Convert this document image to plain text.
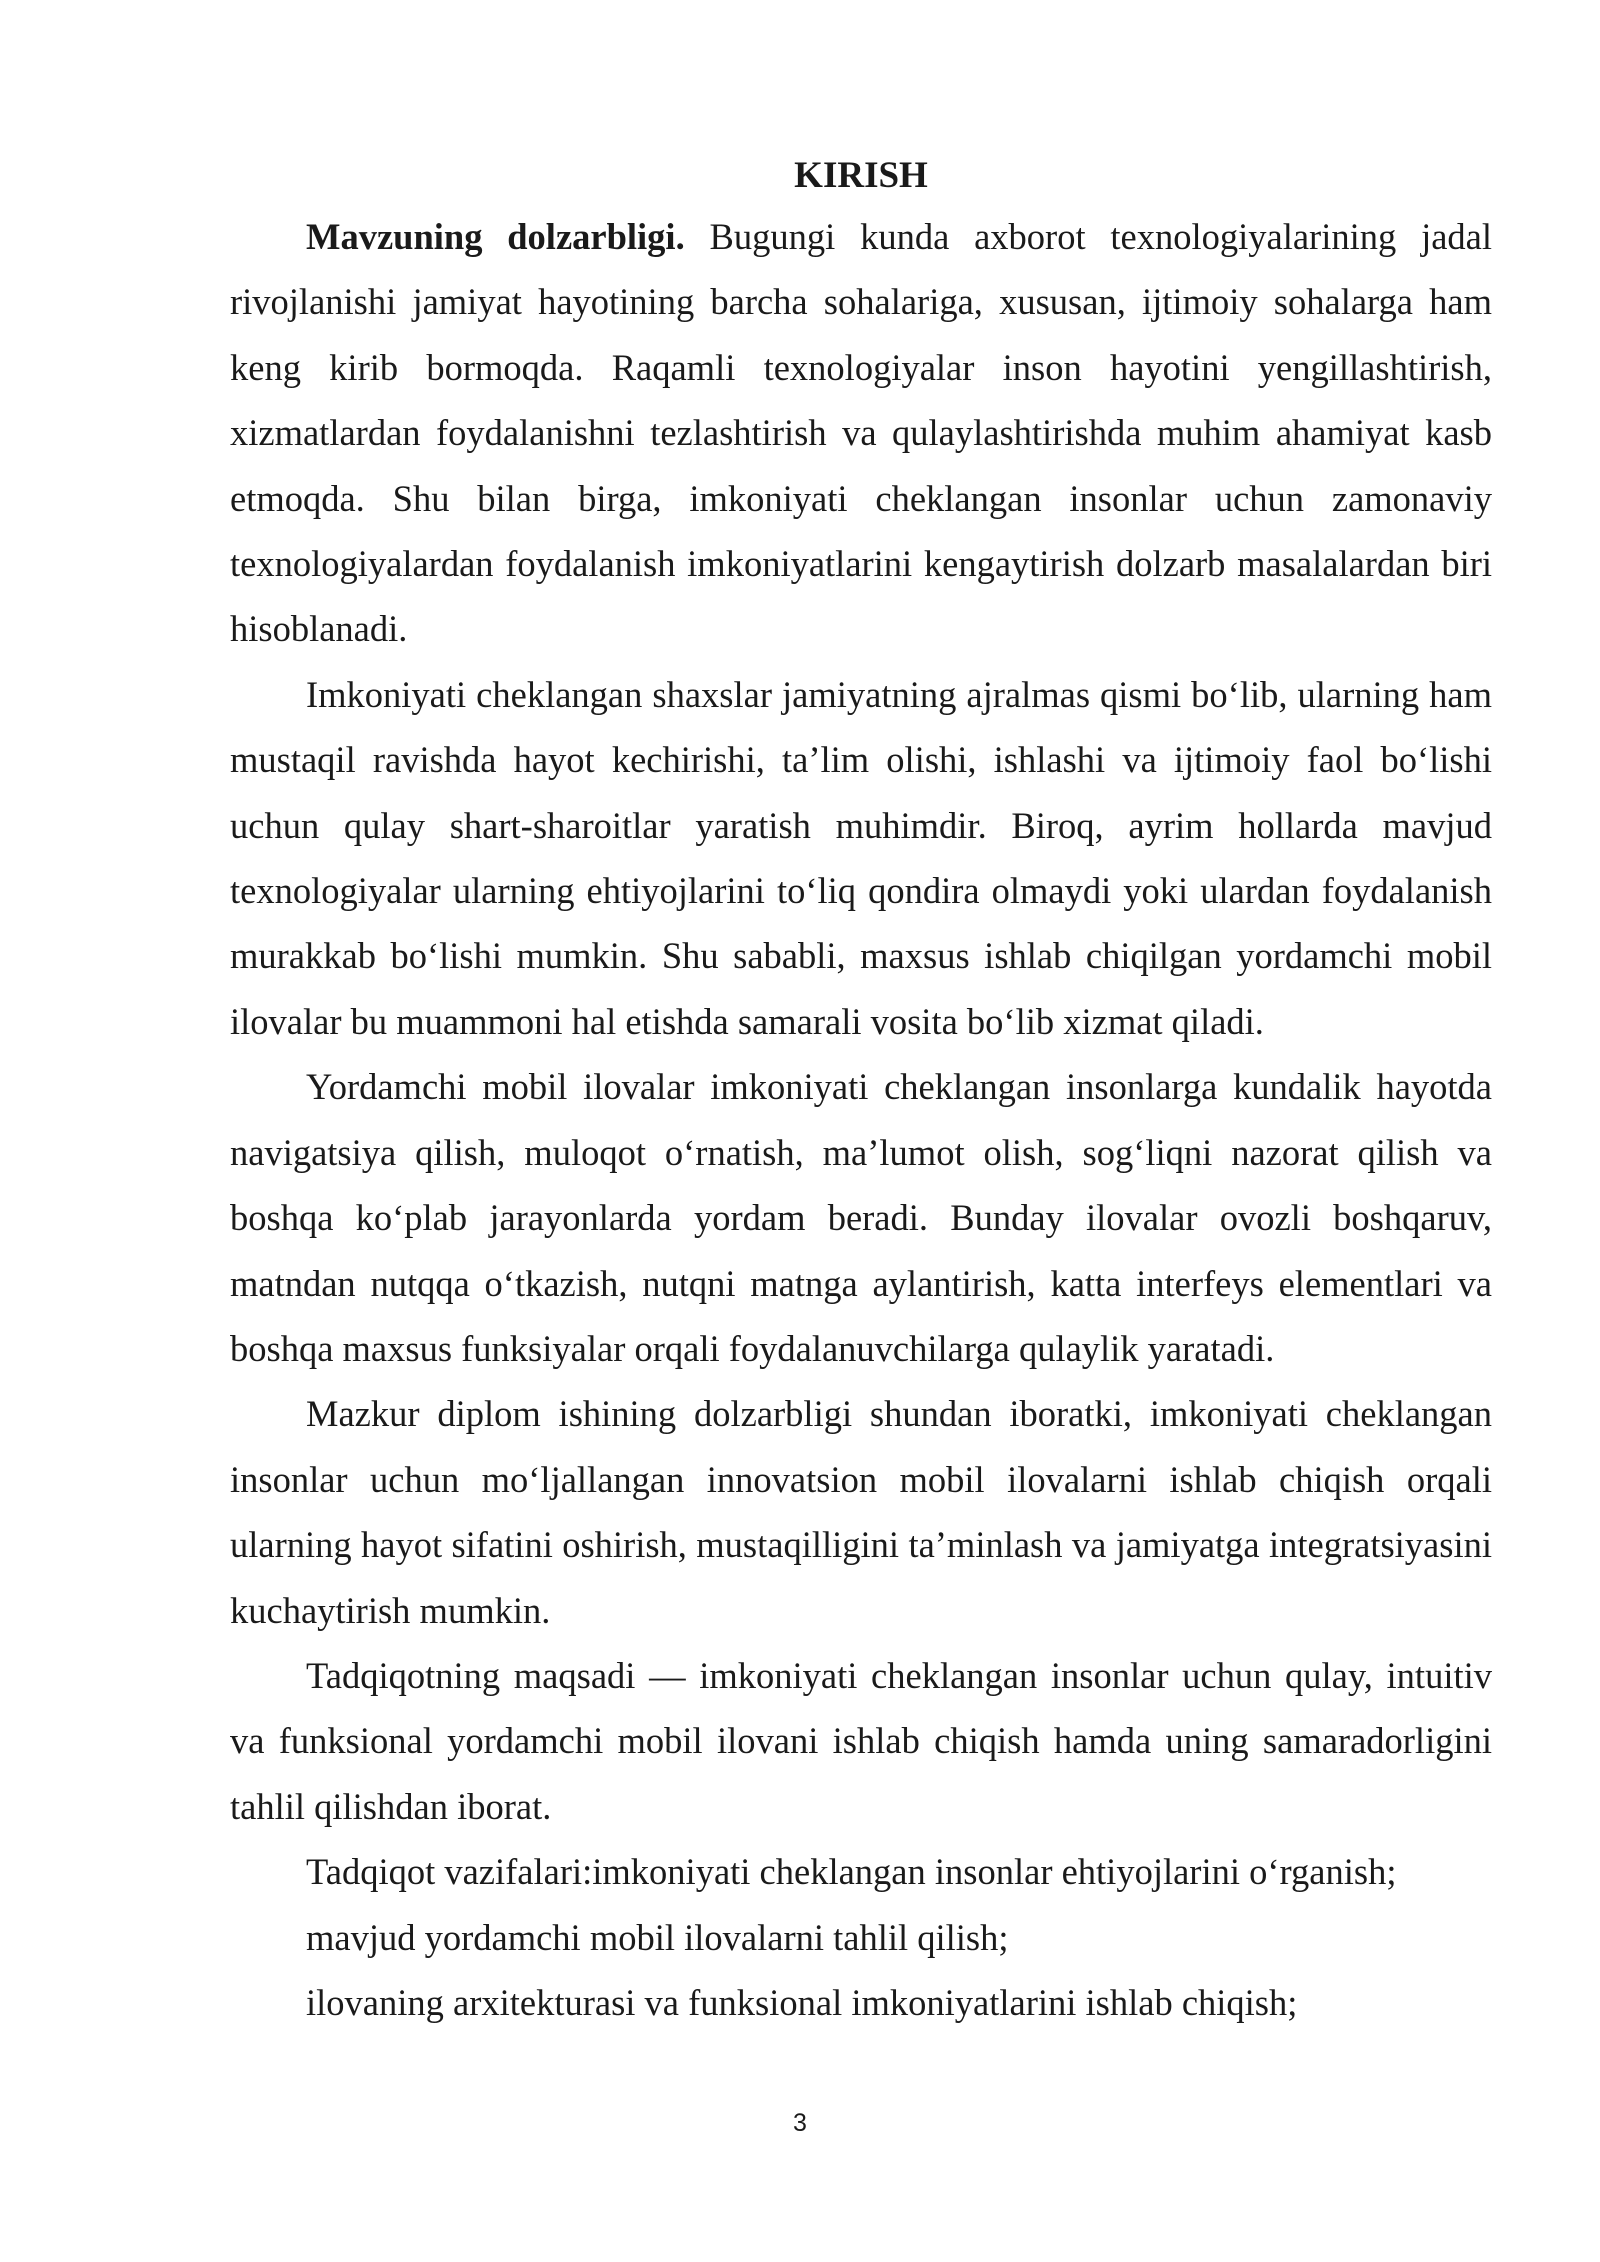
KIRISH

Mavzuning dolzarbligi. Bugungi kunda axborot texnologiyalarining jadal rivojlanishi jamiyat hayotining barcha sohalariga, xususan, ijtimoiy sohalarga ham keng kirib bormoqda. Raqamli texnologiyalar inson hayotini yengillashtirish, xizmatlardan foydalanishni tezlashtirish va qulaylashtirishda muhim ahamiyat kasb etmoqda. Shu bilan birga, imkoniyati cheklangan insonlar uchun zamonaviy texnologiyalardan foydalanish imkoniyatlarini kengaytirish dolzarb masalalardan biri hisoblanadi.

Imkoniyati cheklangan shaxslar jamiyatning ajralmas qismi bo‘lib, ularning ham mustaqil ravishda hayot kechirishi, ta’lim olishi, ishlashi va ijtimoiy faol bo‘lishi uchun qulay shart-sharoitlar yaratish muhimdir. Biroq, ayrim hollarda mavjud texnologiyalar ularning ehtiyojlarini to‘liq qondira olmaydi yoki ulardan foydalanish murakkab bo‘lishi mumkin. Shu sababli, maxsus ishlab chiqilgan yordamchi mobil ilovalar bu muammoni hal etishda samarali vosita bo‘lib xizmat qiladi.

Yordamchi mobil ilovalar imkoniyati cheklangan insonlarga kundalik hayotda navigatsiya qilish, muloqot o‘rnatish, ma’lumot olish, sog‘liqni nazorat qilish va boshqa ko‘plab jarayonlarda yordam beradi. Bunday ilovalar ovozli boshqaruv, matndan nutqqa o‘tkazish, nutqni matnga aylantirish, katta interfeys elementlari va boshqa maxsus funksiyalar orqali foydalanuvchilarga qulaylik yaratadi.

Mazkur diplom ishining dolzarbligi shundan iboratki, imkoniyati cheklangan insonlar uchun mo‘ljallangan innovatsion mobil ilovalarni ishlab chiqish orqali ularning hayot sifatini oshirish, mustaqilligini ta’minlash va jamiyatga integratsiyasini kuchaytirish mumkin.

Tadqiqotning maqsadi — imkoniyati cheklangan insonlar uchun qulay, intuitiv va funksional yordamchi mobil ilovani ishlab chiqish hamda uning samaradorligini tahlil qilishdan iborat.

Tadqiqot vazifalari:imkoniyati cheklangan insonlar ehtiyojlarini o‘rganish;

mavjud yordamchi mobil ilovalarni tahlil qilish;

ilovaning arxitekturasi va funksional imkoniyatlarini ishlab chiqish;

3
